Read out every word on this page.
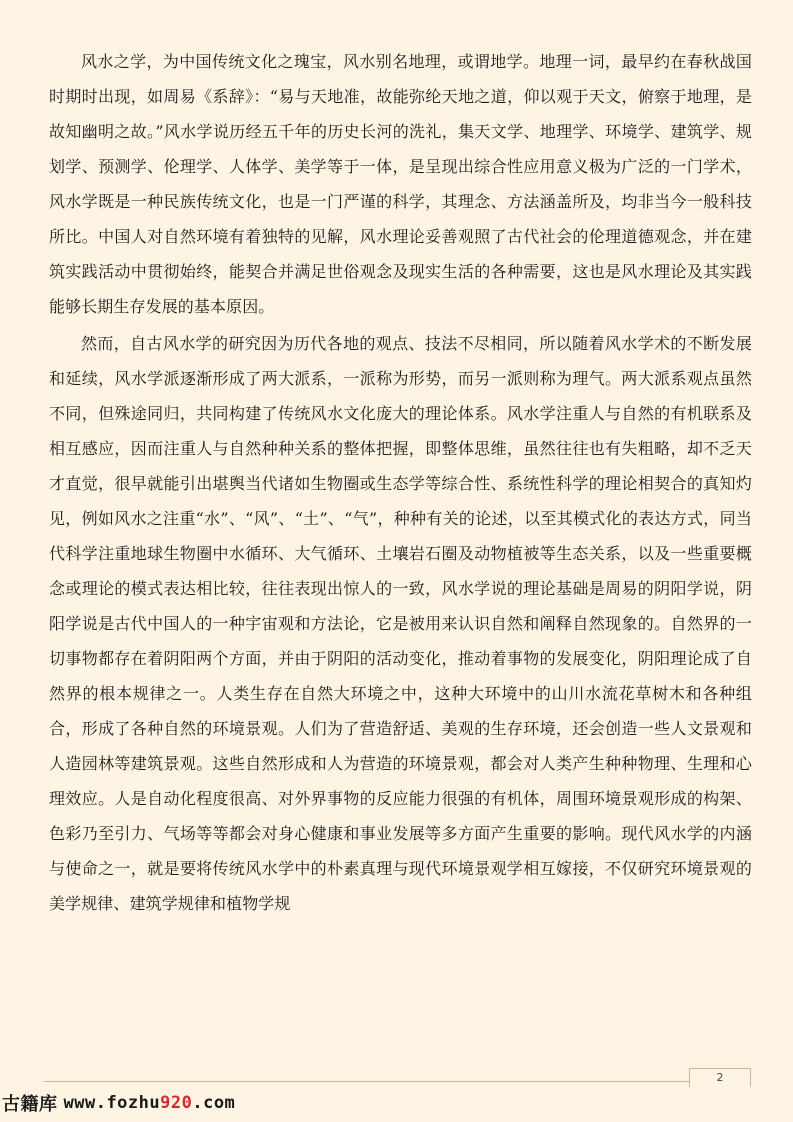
风水之学，为中国传统文化之瑰宝，风水别名地理，或谓地学。地理一词，最早约在春秋战国时期时出现，如周易《系辞》：“易与天地准，故能弥纶天地之道，仰以观于天文，俯察于地理，是故知幽明之故。”风水学说历经五千年的历史长河的洗礼，集天文学、地理学、环境学、建筑学、规划学、预测学、伦理学、人体学、美学等于一体，是呈现出综合性应用意义极为广泛的一门学术，风水学既是一种民族传统文化，也是一门严谨的科学，其理念、方法涵盖所及，均非当今一般科技所比。中国人对自然环境有着独特的见解，风水理论妥善观照了古代社会的伦理道德观念，并在建筑实践活动中贯彻始终，能契合并满足世俗观念及现实生活的各种需要，这也是风水理论及其实践能够长期生存发展的基本原因。

然而，自古风水学的研究因为历代各地的观点、技法不尽相同，所以随着风水学术的不断发展和延续，风水学派逐渐形成了两大派系，一派称为形势，而另一派则称为理气。两大派系观点虽然不同，但殊途同归，共同构建了传统风水文化庞大的理论体系。风水学注重人与自然的有机联系及相互感应，因而注重人与自然种种关系的整体把握，即整体思维，虽然往往也有失粗略，却不乏天才直觉，很早就能引出堪舆当代诸如生物圈或生态学等综合性、系统性科学的理论相契合的真知灼见，例如风水之注重“水”、“风”、“土”、“气”，种种有关的论述，以至其模式化的表达方式，同当代科学注重地球生物圈中水循环、大气循环、土壤岩石圈及动物植被等生态关系，以及一些重要概念或理论的模式表达相比较，往往表现出惊人的一致，风水学说的理论基础是周易的阴阳学说，阴阳学说是古代中国人的一种宇宙观和方法论，它是被用来认识自然和阐释自然现象的。自然界的一切事物都存在着阴阳两个方面，并由于阴阳的活动变化，推动着事物的发展变化，阴阳理论成了自然界的根本规律之一。人类生存在自然大环境之中，这种大环境中的山川水流花草树木和各种组合，形成了各种自然的环境景观。人们为了营造舒适、美观的生存环境，还会创造一些人文景观和人造园林等建筑景观。这些自然形成和人为营造的环境景观，都会对人类产生种种物理、生理和心理效应。人是自动化程度很高、对外界事物的反应能力很强的有机体，周围环境景观形成的构架、色彩乃至引力、气场等等都会对身心健康和事业发展等多方面产生重要的影响。现代风水学的内涵与使命之一，就是要将传统风水学中的朴素真理与现代环境景观学相互嫁接，不仅研究环境景观的美学规律、建筑学规律和植物学规

2
古籍库 www.fozhu920.com
